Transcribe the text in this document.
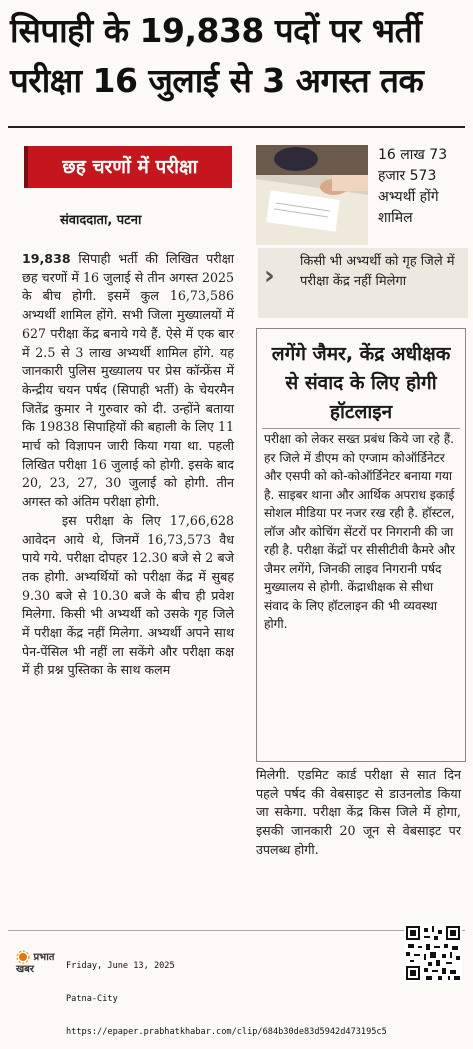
सिपाही के 19,838 पदों पर भर्ती
परीक्षा 16 जुलाई से 3 अगस्त तक
छह चरणों में परीक्षा
संवाददाता, पटना
19,838 सिपाही भर्ती की लिखित परीक्षा छह चरणों में 16 जुलाई से तीन अगस्त 2025 के बीच होगी. इसमें कुल 16,73,586 अभ्यर्थी शामिल होंगे. सभी जिला मुख्यालयों में 627 परीक्षा केंद्र बनाये गये हैं. ऐसे में एक बार में 2.5 से 3 लाख अभ्यर्थी शामिल होंगे. यह जानकारी पुलिस मुख्यालय पर प्रेस कॉन्फ्रेंस में केन्द्रीय चयन पर्षद (सिपाही भर्ती) के चेयरमैन जितेंद्र कुमार ने गुरुवार को दी. उन्होंने बताया कि 19838 सिपाहियों की बहाली के लिए 11 मार्च को विज्ञापन जारी किया गया था. पहली लिखित परीक्षा 16 जुलाई को होगी. इसके बाद 20, 23, 27, 30 जुलाई को होगी. तीन अगस्त को अंतिम परीक्षा होगी.
इस परीक्षा के लिए 17,66,628 आवेदन आये थे, जिनमें 16,73,573 वैध पाये गये. परीक्षा दोपहर 12.30 बजे से 2 बजे तक होगी. अभ्यर्थियों को परीक्षा केंद्र में सुबह 9.30 बजे से 10.30 बजे के बीच ही प्रवेश मिलेगा. किसी भी अभ्यर्थी को उसके गृह जिले में परीक्षा केंद्र नहीं मिलेगा. अभ्यर्थी अपने साथ पेन-पेंसिल भी नहीं ला सकेंगे और परीक्षा कक्ष में ही प्रश्न पुस्तिका के साथ कलम
16 लाख 73 हजार 573 अभ्यर्थी होंगे शामिल
› किसी भी अभ्यर्थी को गृह जिले में परीक्षा केंद्र नहीं मिलेगा
लगेंगे जैमर, केंद्र अधीक्षक से संवाद के लिए होगी हॉटलाइन
परीक्षा को लेकर सख्त प्रबंध किये जा रहे हैं. हर जिले में डीएम को एग्जाम कोऑर्डिनेटर और एसपी को को-कोऑर्डिनेटर बनाया गया है. साइबर थाना और आर्थिक अपराध इकाई सोशल मीडिया पर नजर रख रही है. हॉस्टल, लॉज और कोचिंग सेंटरों पर निगरानी की जा रही है. परीक्षा केंद्रों पर सीसीटीवी कैमरे और जैमर लगेंगे, जिनकी लाइव निगरानी पर्षद मुख्यालय से होगी. केंद्राधीक्षक से सीधा संवाद के लिए हॉटलाइन की भी व्यवस्था होगी.
मिलेगी. एडमिट कार्ड परीक्षा से सात दिन पहले पर्षद की वेबसाइट से डाउनलोड किया जा सकेगा. परीक्षा केंद्र किस जिले में होगा, इसकी जानकारी 20 जून से वेबसाइट पर उपलब्ध होगी.
प्रभात खबर

	Friday, June 13, 2025

Patna-City

https://epaper.prabhatkhabar.com/clip/684b30de83d5942d473195c5
